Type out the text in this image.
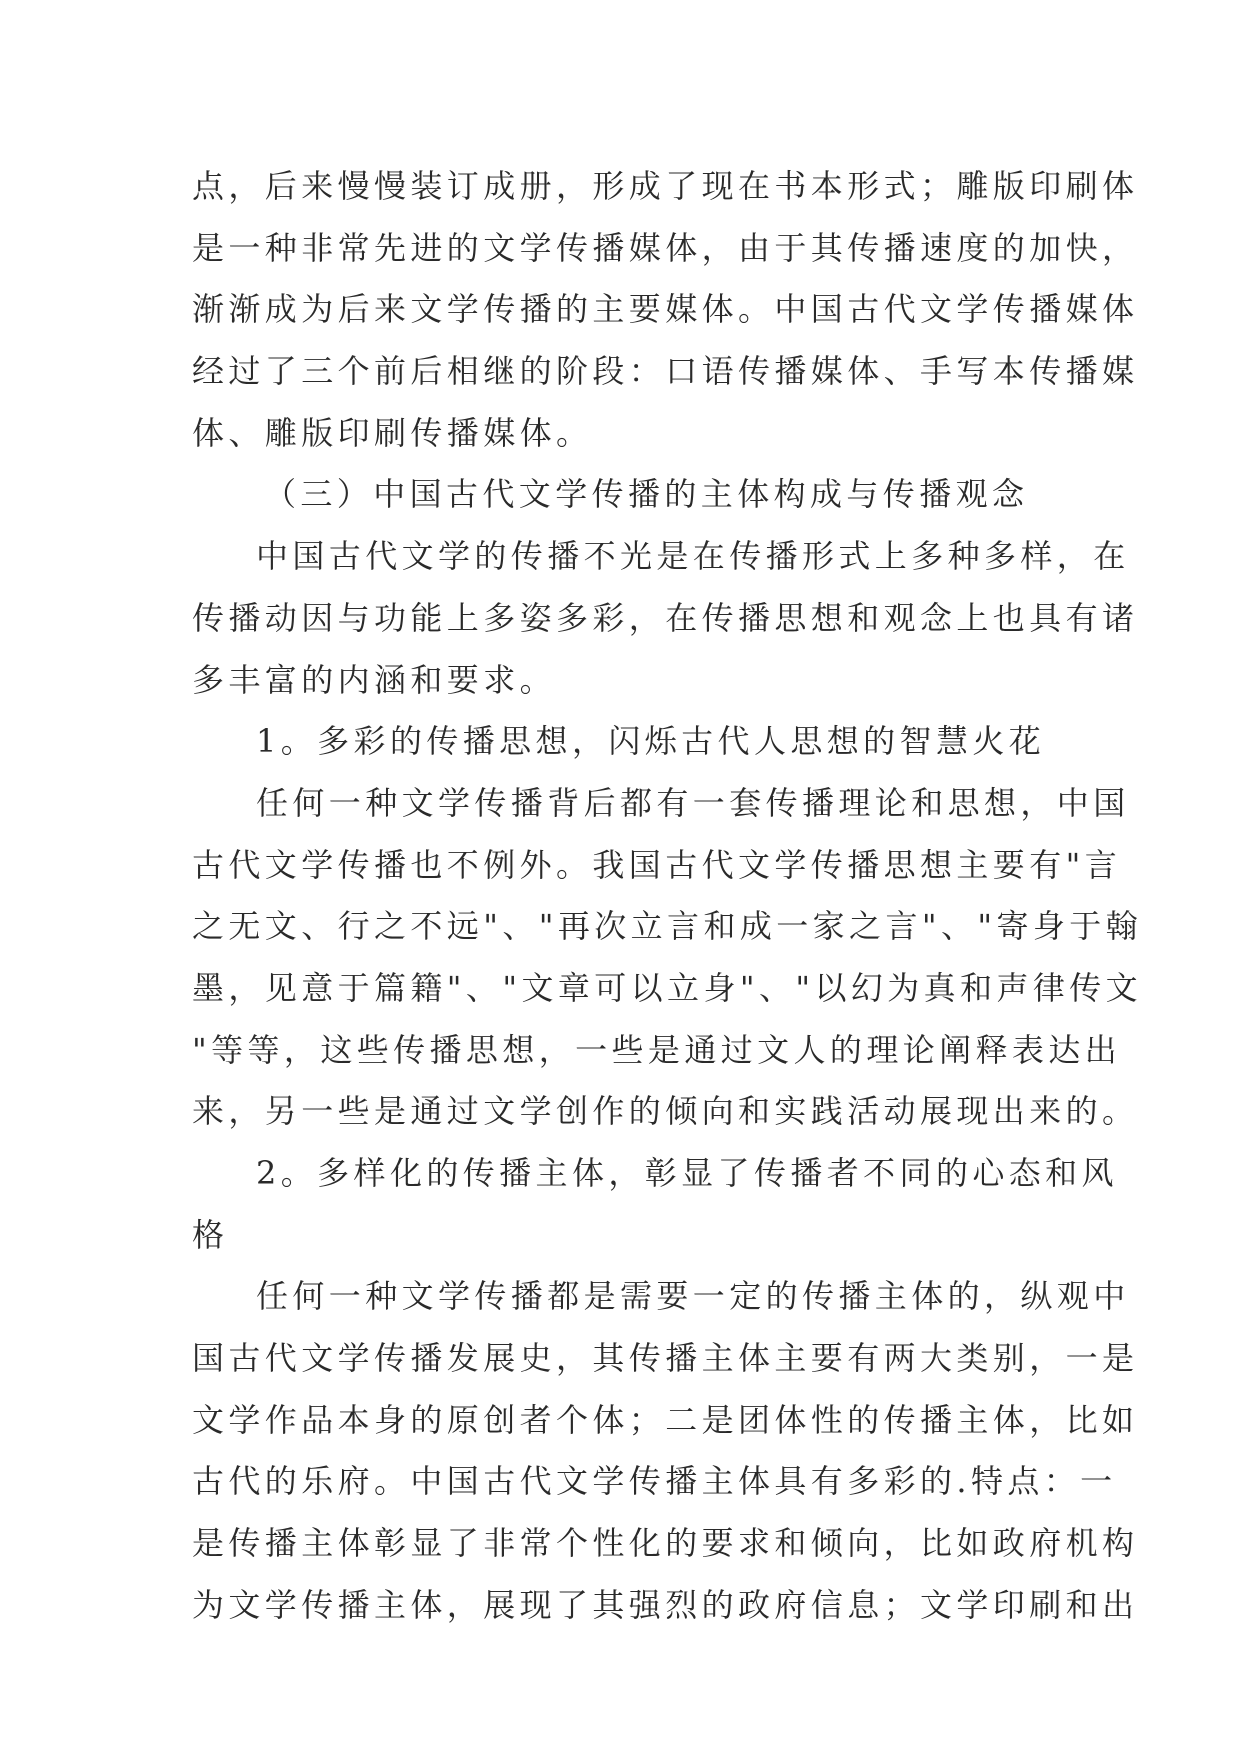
点，后来慢慢装订成册，形成了现在书本形式；雕版印刷体
是一种非常先进的文学传播媒体，由于其传播速度的加快，
渐渐成为后来文学传播的主要媒体。中国古代文学传播媒体
经过了三个前后相继的阶段：口语传播媒体、手写本传播媒
体、雕版印刷传播媒体。
（三）中国古代文学传播的主体构成与传播观念
中国古代文学的传播不光是在传播形式上多种多样，在
传播动因与功能上多姿多彩，在传播思想和观念上也具有诸
多丰富的内涵和要求。
1。多彩的传播思想，闪烁古代人思想的智慧火花
任何一种文学传播背后都有一套传播理论和思想，中国
古代文学传播也不例外。我国古代文学传播思想主要有"言
之无文、行之不远"、"再次立言和成一家之言"、"寄身于翰
墨，见意于篇籍"、"文章可以立身"、"以幻为真和声律传文
"等等，这些传播思想，一些是通过文人的理论阐释表达出
来，另一些是通过文学创作的倾向和实践活动展现出来的。
2。多样化的传播主体，彰显了传播者不同的心态和风
格
任何一种文学传播都是需要一定的传播主体的，纵观中
国古代文学传播发展史，其传播主体主要有两大类别，一是
文学作品本身的原创者个体；二是团体性的传播主体，比如
古代的乐府。中国古代文学传播主体具有多彩的.特点：一
是传播主体彰显了非常个性化的要求和倾向，比如政府机构
为文学传播主体，展现了其强烈的政府信息；文学印刷和出
